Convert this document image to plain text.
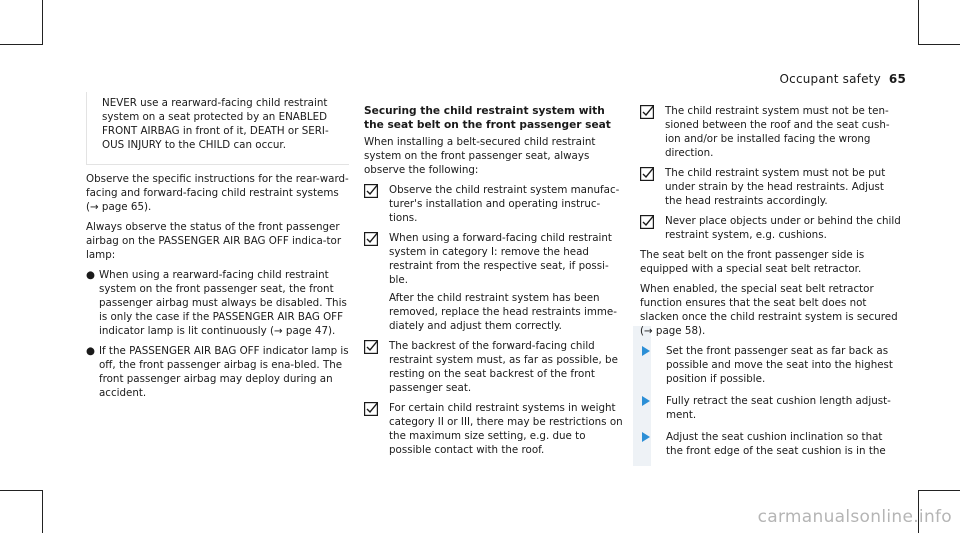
Occupant safety 65
NEVER use a rearward-facing child restraint system on a seat protected by an ENABLED FRONT AIRBAG in front of it, DEATH or SERI-OUS INJURY to the CHILD can occur.

Observe the specific instructions for the rear-ward-facing and forward-facing child restraint systems (→ page 65).

Always observe the status of the front passenger airbag on the PASSENGER AIR BAG OFF indica-tor lamp:

● When using a rearward-facing child restraint system on the front passenger seat, the front passenger airbag must always be disabled. This is only the case if the PASSENGER AIR BAG OFF indicator lamp is lit continuously (→ page 47).
● If the PASSENGER AIR BAG OFF indicator lamp is off, the front passenger airbag is ena-bled. The front passenger airbag may deploy during an accident.
Securing the child restraint system with the seat belt on the front passenger seat

When installing a belt-secured child restraint system on the front passenger seat, always observe the following:

Observe the child restraint system manufac-turer's installation and operating instruc-tions.

When using a forward-facing child restraint system in category I: remove the head restraint from the respective seat, if possi-ble.

After the child restraint system has been removed, replace the head restraints imme-diately and adjust them correctly.

The backrest of the forward-facing child restraint system must, as far as possible, be resting on the seat backrest of the front passenger seat.

For certain child restraint systems in weight category II or III, there may be restrictions on the maximum size setting, e.g. due to possible contact with the roof.

The child restraint system must not be ten-sioned between the roof and the seat cush-ion and/or be installed facing the wrong direction.

The child restraint system must not be put under strain by the head restraints. Adjust the head restraints accordingly.

Never place objects under or behind the child restraint system, e.g. cushions.

The seat belt on the front passenger side is equipped with a special seat belt retractor.

When enabled, the special seat belt retractor function ensures that the seat belt does not slacken once the child restraint system is secured (→ page 58).

Set the front passenger seat as far back as possible and move the seat into the highest position if possible.
Fully retract the seat cushion length adjust-ment.
Adjust the seat cushion inclination so that the front edge of the seat cushion is in the
carmanualsonline.info
